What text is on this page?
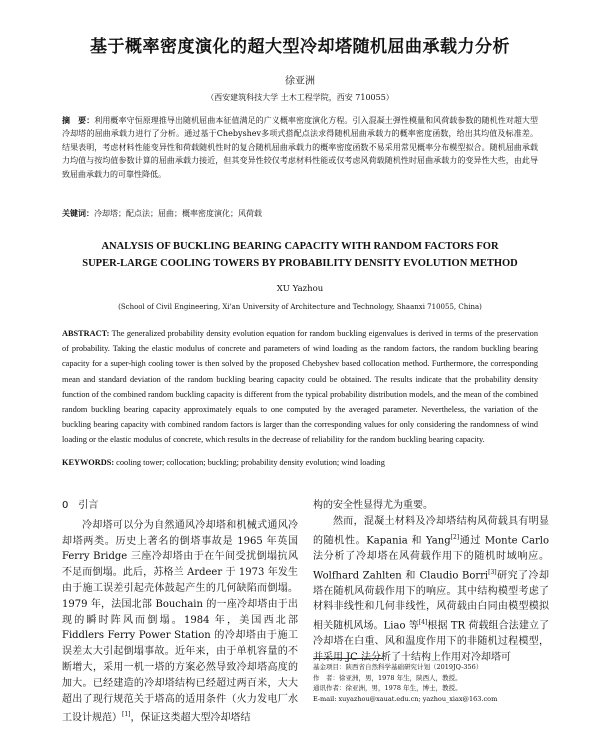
基于概率密度演化的超大型冷却塔随机屈曲承载力分析
徐亚洲
（西安建筑科技大学 土木工程学院，西安 710055）
摘　要：利用概率守恒原理推导出随机屈曲本征值满足的广义概率密度演化方程。引入混凝土弹性模量和风荷载参数的随机性对超大型冷却塔的屈曲承载力进行了分析。通过基于Chebyshev多项式搭配点法求得随机屈曲承载力的概率密度函数，给出其均值及标准差。结果表明，考虑材料性能变异性和荷载随机性时的复合随机屈曲承载力的概率密度函数不易采用常见概率分布模型拟合。随机屈曲承载力均值与按均值参数计算的屈曲承载力接近，但其变异性较仅考虑材料性能或仅考虑风荷载随机性时屈曲承载力的变异性大些，由此导致屈曲承载力的可靠性降低。
关键词：冷却塔；配点法；屈曲；概率密度演化；风荷载
ANALYSIS OF BUCKLING BEARING CAPACITY WITH RANDOM FACTORS FOR
SUPER-LARGE COOLING TOWERS BY PROBABILITY DENSITY EVOLUTION METHOD
XU Yazhou
(School of Civil Engineering, Xi'an University of Architecture and Technology, Shaanxi 710055, China)
ABSTRACT: The generalized probability density evolution equation for random buckling eigenvalues is derived in terms of the preservation of probability. Taking the elastic modulus of concrete and parameters of wind loading as the random factors, the random buckling bearing capacity for a super-high cooling tower is then solved by the proposed Chebyshev based collocation method. Furthermore, the corresponding mean and standard deviation of the random buckling bearing capacity could be obtained. The results indicate that the probability density function of the combined random buckling capacity is different from the typical probability distribution models, and the mean of the combined random buckling bearing capacity approximately equals to one computed by the averaged parameter. Nevertheless, the variation of the buckling bearing capacity with combined random factors is larger than the corresponding values for only considering the randomness of wind loading or the elastic modulus of concrete, which results in the decrease of reliability for the random buckling bearing capacity.
KEYWORDS: cooling tower; collocation; buckling; probability density evolution; wind loading

0　引言

冷却塔可以分为自然通风冷却塔和机械式通风冷却塔两类。历史上著名的倒塔事故是 1965 年英国 Ferry Bridge 三座冷却塔由于在午间受扰倒塌抗风不足而倒塌。此后，苏格兰 Ardeer 于 1973 年发生由于施工误差引起壳体鼓起产生的几何缺陷而倒塌。1979 年，法国北部 Bouchain 的一座冷却塔由于出现的瞬时阵风而倒塌。1984 年，美国西北部 Fiddlers Ferry Power Station 的冷却塔由于施工误差太大引起倒塌事故。近年来，由于单机容量的不断增大，采用一机一塔的方案必然导致冷却塔高度的加大。已经建造的冷却塔结构已经超过两百米，大大超出了现行规范关于塔高的适用条件（火力发电厂水工设计规范）[1]，保证这类超大型冷却塔结

构的安全性显得尤为重要。

然而，混凝土材料及冷却塔结构风荷载具有明显的随机性。Kapania 和 Yang[2]通过 Monte Carlo 法分析了冷却塔在风荷载作用下的随机时域响应。Wolfhard Zahlten 和 Claudio Borri[3]研究了冷却塔在随机风荷载作用下的响应。其中结构模型考虑了材料非线性和几何非线性，风荷载由白同由模型模拟相关随机风场。Liao 等[4]根据 TR 荷载组合法建立了冷却塔在白重、风和温度作用下的非随机过程模型，并采用 JC 法分析了十结构上作用对冷却塔可

基金项目：陕西省自然科学基础研究计划（2019JQ-356）
作　者：徐亚洲，男，1978 年生，陕西人，教授。
通讯作者：徐亚洲，男，1978 年生，博士，教授。
E-mail: xuyazhou@xauat.edu.cn; yazhou_xiax@163.com
